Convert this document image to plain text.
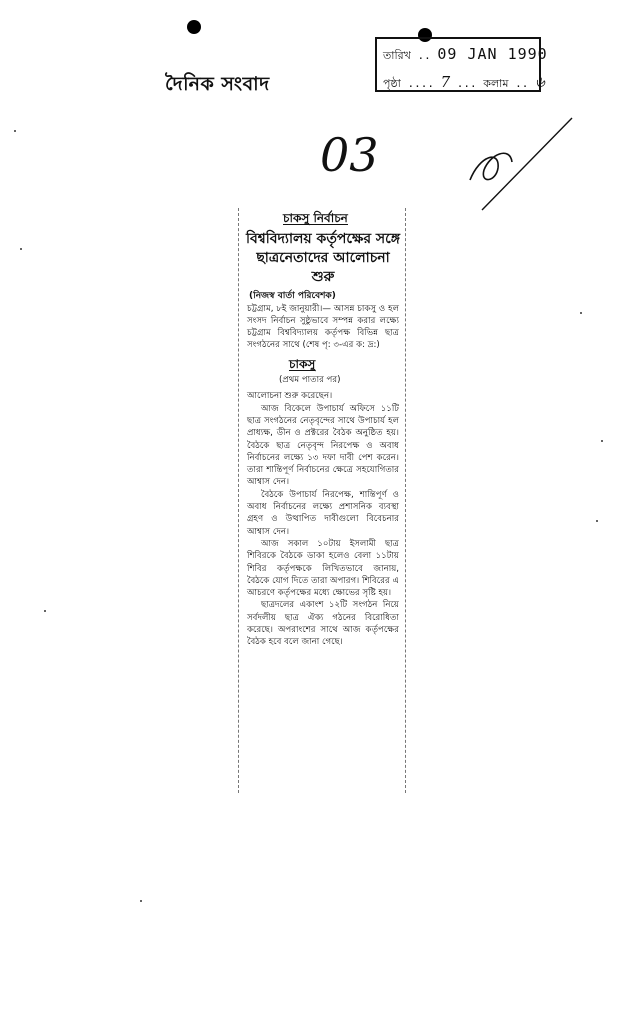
তারিখ .. 09 JAN 1990
পৃষ্ঠা .... 7 ... কলাম .. ৬
দৈনিক সংবাদ
03
চাকসু নির্বাচন
বিশ্ববিদ্যালয় কর্তৃপক্ষের সঙ্গে ছাত্রনেতাদের আলোচনা শুরু
(নিজস্ব বার্তা পরিবেশক)

চট্টগ্রাম, ৮ই জানুয়ারী।— আসন্ন চাকসু ও হল সংসদ নির্বাচন সুষ্ঠুভাবে সম্পন্ন করার লক্ষ্যে চট্টগ্রাম বিশ্ববিদ্যালয় কর্তৃপক্ষ বিভিন্ন ছাত্র সংগঠনের সাথে (শেষ পৃ: ৩-এর ক: দ্র:)

চাকসু
(প্রথম পাতার পর)

আলোচনা শুরু করেছেন।

আজ বিকেলে উপাচার্য অফিসে ১১টি ছাত্র সংগঠনের নেতৃবৃন্দের সাথে উপাচার্য হল প্রাধ্যক্ষ, ডীন ও প্রক্টরের বৈঠক অনুষ্ঠিত হয়। বৈঠকে ছাত্র নেতৃবৃন্দ নিরপেক্ষ ও অবাধ নির্বাচনের লক্ষ্যে ১৩ দফা দাবী পেশ করেন। তারা শান্তিপূর্ণ নির্বাচনের ক্ষেত্রে সহযোগিতার আশ্বাস দেন।

বৈঠকে উপাচার্য নিরপেক্ষ, শান্তিপূর্ণ ও অবাধ নির্বাচনের লক্ষ্যে প্রশাসনিক ব্যবস্থা গ্রহণ ও উত্থাপিত দাবীগুলো বিবেচনার আশ্বাস দেন।

আজ সকাল ১০টায় ইসলামী ছাত্র শিবিরকে বৈঠকে ডাকা হলেও বেলা ১১টায় শিবির কর্তৃপক্ষকে লিখিতভাবে জানায়, বৈঠকে যোগ দিতে তারা অপারগ। শিবিরের এ আচরণে কর্তৃপক্ষের মধ্যে ক্ষোভের সৃষ্টি হয়।

ছাত্রদলের একাংশ ১২টি সংগঠন নিয়ে সর্বদলীয় ছাত্র ঐক্য গঠনের বিরোধিতা করেছে। অপরাংশের সাথে আজ কর্তৃপক্ষের বৈঠক হবে বলে জানা গেছে।
